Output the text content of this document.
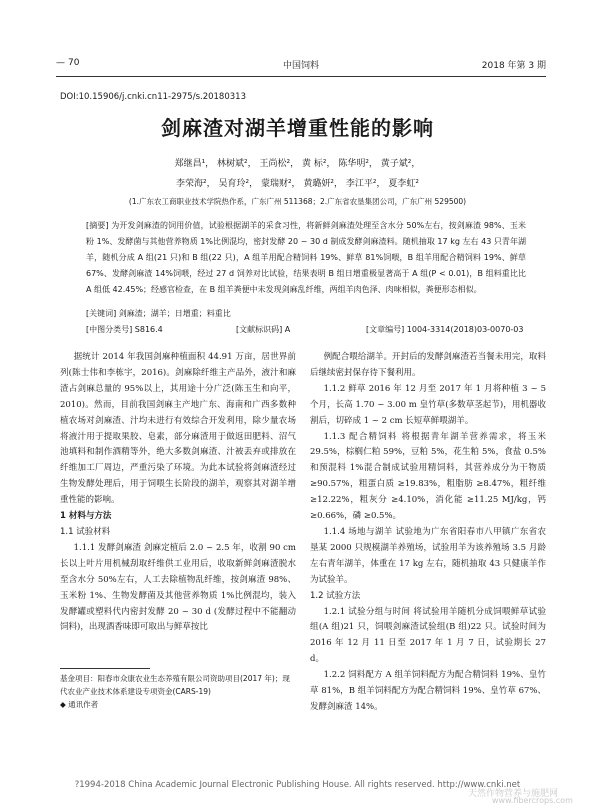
— 70	中国饲料	2018 年第 3 期
DOI:10.15906/j.cnki.cn11-2975/s.20180313
剑麻渣对湖羊增重性能的影响
郑继昌¹， 林树斌²， 王尚松²， 黄 标²， 陈华明²， 黄子斌²，
李荣海²， 吴育玲²， 蒙瑞财²， 黄璐妍²， 李江平²， 夏李虹²
(1.广东农工商职业技术学院热作系，广东广州 511368；2.广东省农垦集团公司，广东广州 529500)
[摘要] 为开发剑麻渣的饲用价值，试验根据湖羊的采食习性，将新鲜剑麻渣处理至含水分 50%左右，按剑麻渣 98%、玉米粉 1%、发酵菌与其他营养物质 1%比例混均，密封发酵 20 ~ 30 d 制成发酵剑麻渣料。随机抽取 17 kg 左右 43 只青年湖羊，随机分成 A 组(21 只)和 B 组(22 只)，A 组羊用配合精饲料 19%、鲜草 81%饲喂，B 组羊用配合精饲料 19%、鲜草 67%、发酵剑麻渣 14%饲喂，经过 27 d 饲养对比试验，结果表明 B 组日增重极显著高于 A 组(P < 0.01)，B 组料重比比 A 组低 42.45%；经感官检查，在 B 组羊粪便中未发现剑麻乱纤维，两组羊肉色泽、肉味相似，粪便形态相似。
[关键词] 剑麻渣；湖羊；日增重；料重比
[中图分类号] S816.4	[文献标识码] A	[文章编号] 1004-3314(2018)03-0070-03

据统计 2014 年我国剑麻种植面积 44.91 万亩，居世界前列(陈士伟和李栋宇，2016)。剑麻除纤维主产品外，液汁和麻渣占剑麻总量的 95%以上，其用途十分广泛(陈玉生和向平，2010)。然而，目前我国剑麻主产地广东、海南和广西多数种植农场对剑麻渣、汁均未进行有效综合开发利用，除少量农场将液汁用于提取果胶、皂素，部分麻渣用于做返田肥料、沼气池填料和制作酒精等外，绝大多数剑麻渣、汁被丢弃或排放在纤维加工厂周边，严重污染了环境。为此本试验将剑麻渣经过生物发酵处理后，用于饲喂生长阶段的湖羊，观察其对湖羊增重性能的影响。

1 材料与方法

1.1 试验材料

1.1.1 发酵剑麻渣 剑麻定植后 2.0 ~ 2.5 年，收割 90 cm 长以上叶片用机械刮取纤维供工业用后，收取新鲜剑麻渣脱水至含水分 50%左右，人工去除植物乱纤维，按剑麻渣 98%、玉米粉 1%、生物发酵菌及其他营养物质 1%比例混均，装入发酵罐或塑料代内密封发酵 20 ~ 30 d (发酵过程中不能翻动饲料)，出现酒香味即可取出与鲜草按比

例配合喂给湖羊。开封后的发酵剑麻渣若当餐未用完，取料后继续密封保存待下餐利用。

1.1.2 鲜草 2016 年 12 月至 2017 年 1 月将种植 3 ~ 5 个月，长高 1.70 ~ 3.00 m 皇竹草(多数草茎起节)，用机器收割后，切碎成 1 ~ 2 cm 长短草鲜喂湖羊。

1.1.3 配合精饲料 将根据青年湖羊营养需求，将玉米 29.5%，棕榈仁粕 59%，豆粕 5%，花生粕 5%，食盐 0.5%和预混料 1%混合制成试验用精饲料，其营养成分为干物质 ≥90.57%，粗蛋白质 ≥19.83%，粗脂肪 ≥8.47%，粗纤维 ≥12.22%，粗灰分 ≥4.10%，消化能 ≥11.25 MJ/kg，钙 ≥0.66%，磷 ≥0.5%。

1.1.4 场地与湖羊 试验地为广东省阳春市八甲镇广东省农垦某 2000 只规模湖羊养殖场，试验用羊为该养殖场 3.5 月龄左右青年湖羊，体重在 17 kg 左右，随机抽取 43 只健康羊作为试验羊。

1.2 试验方法

1.2.1 试验分组与时间 将试验用羊随机分成饲喂鲜草试验组(A 组)21 只，饲喂剑麻渣试验组(B 组)22 只。试验时间为 2016 年 12 月 11 日至 2017 年 1 月 7 日，试验期长 27 d。

1.2.2 饲料配方 A 组羊饲料配方为配合精饲料 19%、皇竹草 81%，B 组羊饲料配方为配合精饲料 19%、皇竹草 67%、发酵剑麻渣 14%。

基金项目：阳春市众康农业生态养殖有限公司资助项目(2017 年)；现代农业产业技术体系建设专项资金(CARS-19)

◆ 通讯作者

?1994-2018 China Academic Journal Electronic Publishing House. All rights reserved. http://www.cnki.net
天然作物营养与施肥网
www.fibercrops.com
